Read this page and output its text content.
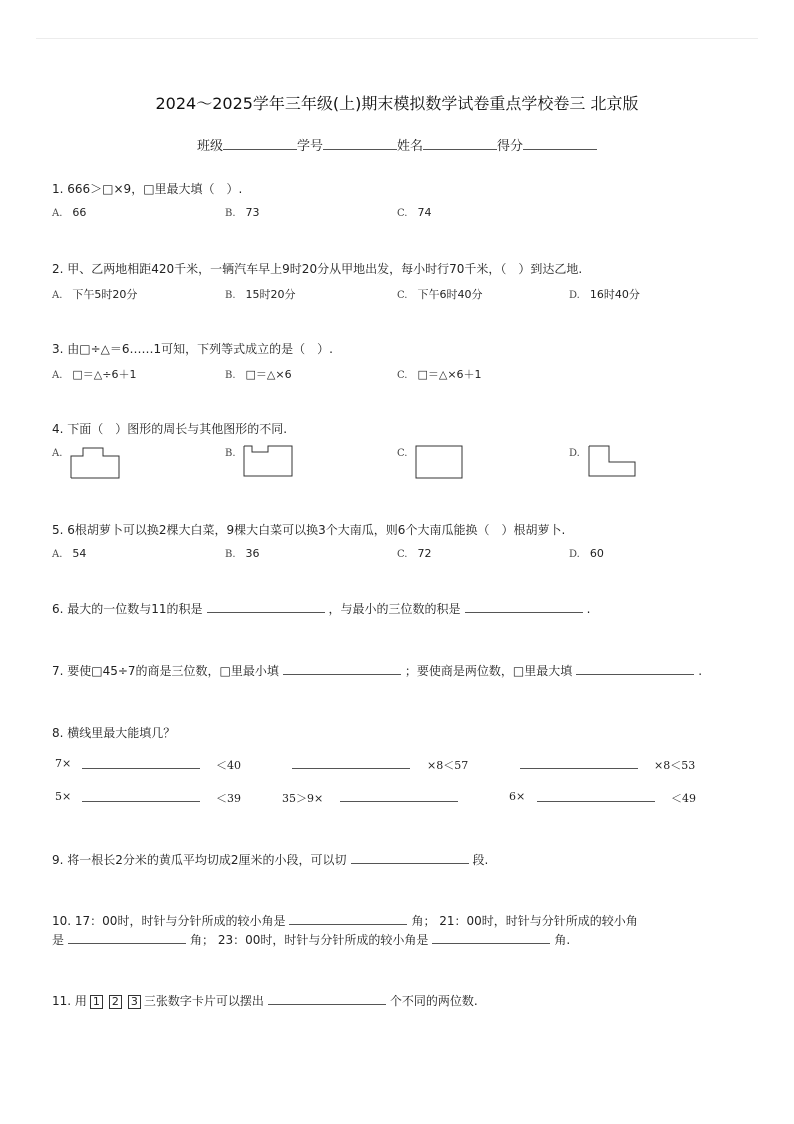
2024～2025学年三年级(上)期末模拟数学试卷重点学校卷三 北京版
班级	学号	姓名	得分
1. 666＞□×9，□里最大填（　）.
A. 66	B. 73	C. 74
2. 甲、乙两地相距420千米，一辆汽车早上9时20分从甲地出发，每小时行70千米，（　）到达乙地.
A. 下午5时20分	B. 15时20分	C. 下午6时40分	D. 16时40分
3. 由□÷△＝6……1可知，下列等式成立的是（　）.
A. □＝△÷6＋1	B. □＝△×6	C. □＝△×6＋1
4. 下面（　）图形的周长与其他图形的不同.
A.	B.	C.	D.
5. 6根胡萝卜可以换2棵大白菜，9棵大白菜可以换3个大南瓜，则6个大南瓜能换（　）根胡萝卜.
A. 54	B. 36	C. 72	D. 60
6. 最大的一位数与11的积是	，与最小的三位数的积是	.
7. 要使□45÷7的商是三位数，□里最小填	；要使商是两位数，□里最大填	.
8. 横线里最大能填几？
7×	＜40	×8＜57	×8＜53
5×	＜39	35＞9×	6×	＜49
9. 将一根长2分米的黄瓜平均切成2厘米的小段，可以切	段.
10. 17：00时，时针与分针所成的较小角是	角； 21：00时，时针与分针所成的较小角
是	角； 23：00时，时针与分针所成的较小角是	角.
11. 用 1 2 3 三张数字卡片可以摆出	个不同的两位数.
